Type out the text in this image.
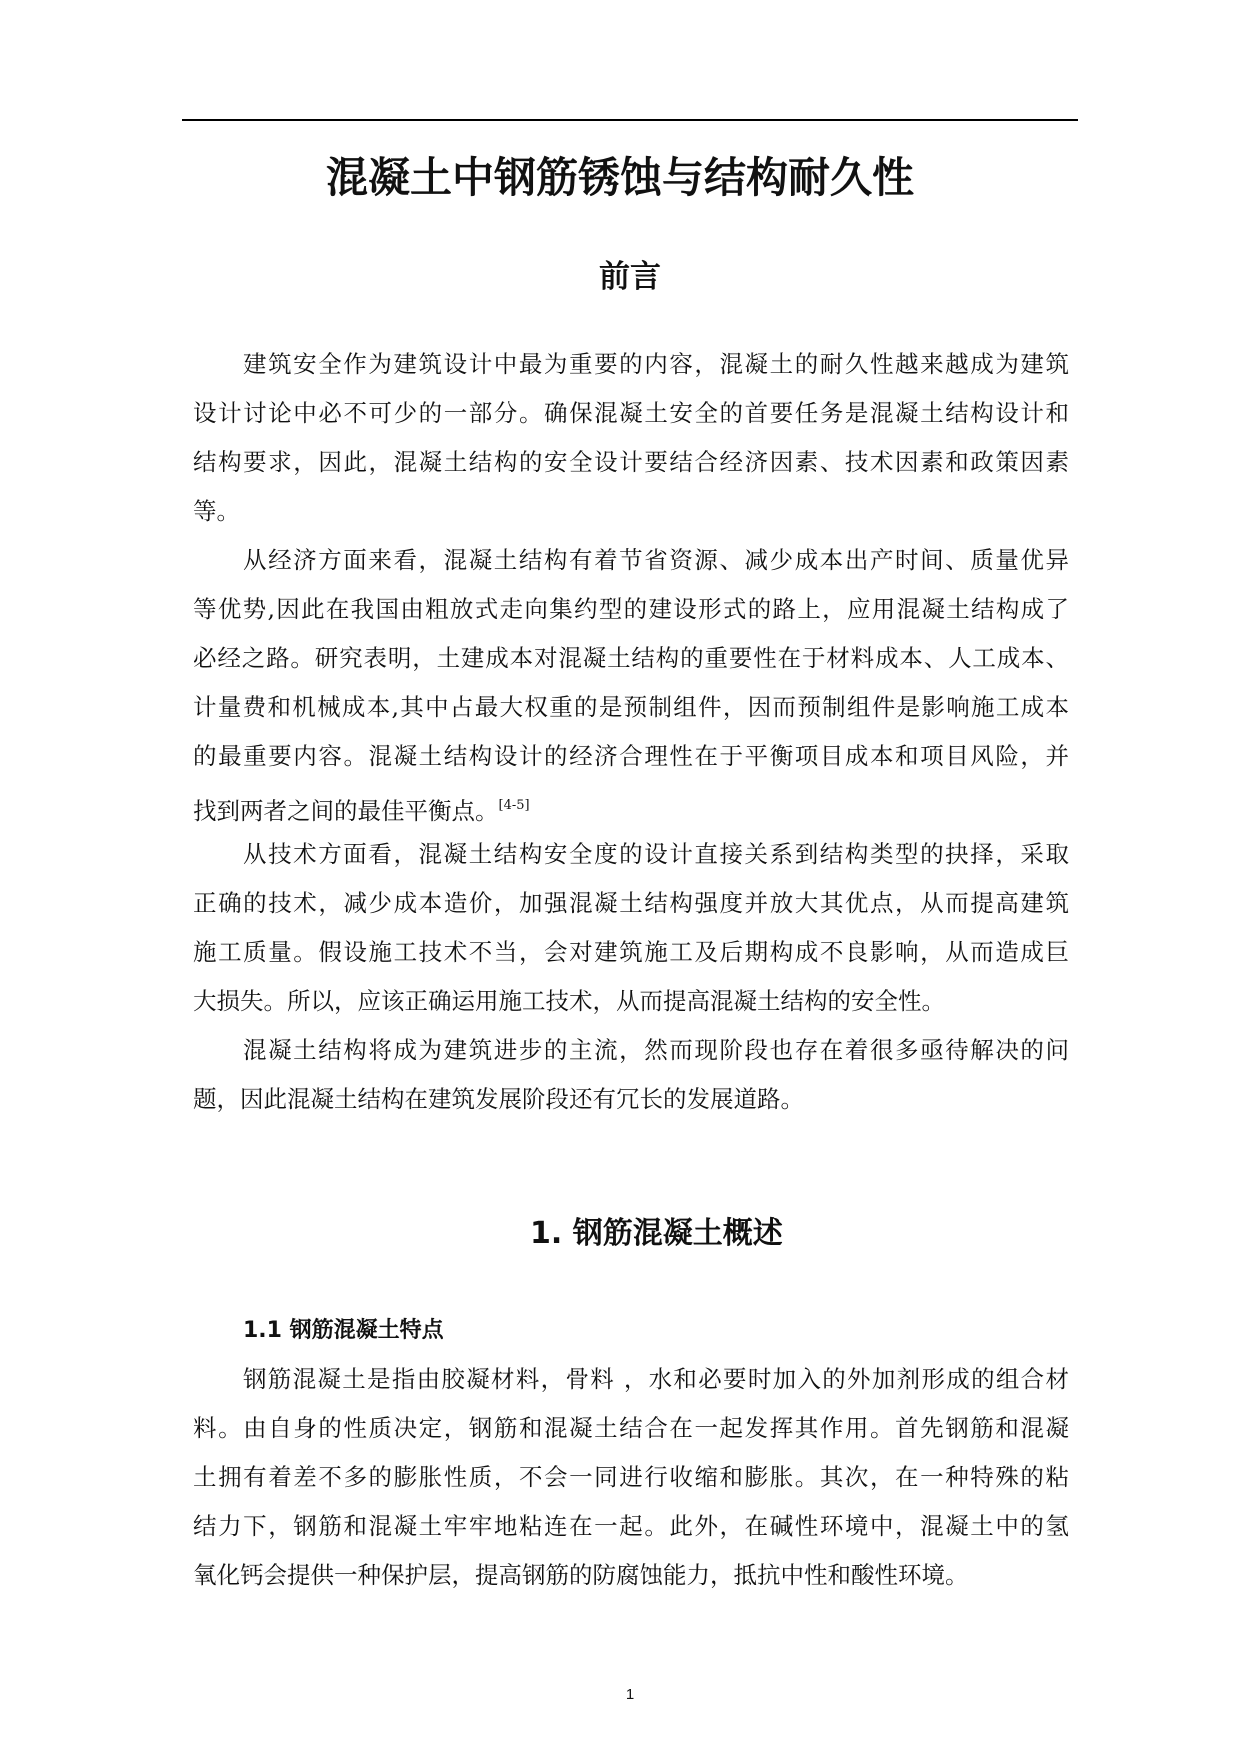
混凝土中钢筋锈蚀与结构耐久性
前言
建筑安全作为建筑设计中最为重要的内容，混凝土的耐久性越来越成为建筑
设计讨论中必不可少的一部分。确保混凝土安全的首要任务是混凝土结构设计和
结构要求，因此，混凝土结构的安全设计要结合经济因素、技术因素和政策因素
等。
从经济方面来看，混凝土结构有着节省资源、减少成本出产时间、质量优异
等优势,因此在我国由粗放式走向集约型的建设形式的路上，应用混凝土结构成了
必经之路。研究表明，土建成本对混凝土结构的重要性在于材料成本、人工成本、
计量费和机械成本,其中占最大权重的是预制组件，因而预制组件是影响施工成本
的最重要内容。混凝土结构设计的经济合理性在于平衡项目成本和项目风险，并
找到两者之间的最佳平衡点。[4-5]
从技术方面看，混凝土结构安全度的设计直接关系到结构类型的抉择，采取
正确的技术，减少成本造价，加强混凝土结构强度并放大其优点，从而提高建筑
施工质量。假设施工技术不当，会对建筑施工及后期构成不良影响，从而造成巨
大损失。所以，应该正确运用施工技术，从而提高混凝土结构的安全性。
混凝土结构将成为建筑进步的主流，然而现阶段也存在着很多亟待解决的问
题，因此混凝土结构在建筑发展阶段还有冗长的发展道路。
1. 钢筋混凝土概述
1.1 钢筋混凝土特点
钢筋混凝土是指由胶凝材料，骨料 ，水和必要时加入的外加剂形成的组合材
料。由自身的性质决定，钢筋和混凝土结合在一起发挥其作用。首先钢筋和混凝
土拥有着差不多的膨胀性质，不会一同进行收缩和膨胀。其次，在一种特殊的粘
结力下，钢筋和混凝土牢牢地粘连在一起。此外，在碱性环境中，混凝土中的氢
氧化钙会提供一种保护层，提高钢筋的防腐蚀能力，抵抗中性和酸性环境。
1
